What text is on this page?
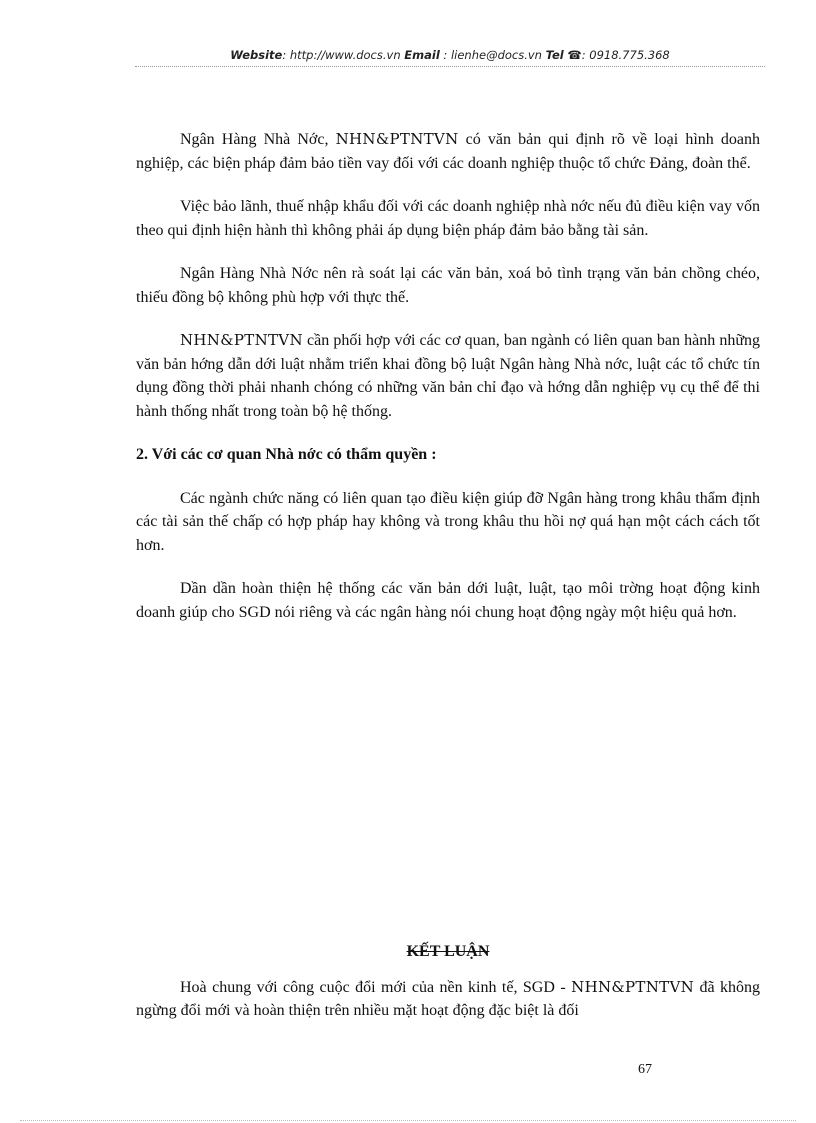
Website: http://www.docs.vn Email : lienhe@docs.vn Tel ☎: 0918.775.368

Ngân Hàng Nhà Nớc, NHN&PTNTVN có văn bản qui định rõ về loại hình doanh nghiệp, các biện pháp đảm bảo tiền vay đối với các doanh nghiệp thuộc tổ chức Đảng, đoàn thể.

Việc bảo lãnh, thuế nhập khẩu đối với các doanh nghiệp nhà nớc nếu đủ điều kiện vay vốn theo qui định hiện hành thì không phải áp dụng biện pháp đảm bảo bằng tài sản.

Ngân Hàng Nhà Nớc nên rà soát lại các văn bản, xoá bỏ tình trạng văn bản chồng chéo, thiếu đồng bộ không phù hợp với thực thế.

NHN&PTNTVN cần phối hợp với các cơ quan, ban ngành có liên quan ban hành những văn bản hớng dẫn dới luật nhằm triển khai đồng bộ luật Ngân hàng Nhà nớc, luật các tổ chức tín dụng đồng thời phải nhanh chóng có những văn bản chỉ đạo và hớng dẫn nghiệp vụ cụ thể để thi hành thống nhất trong toàn bộ hệ thống.

2. Với các cơ quan Nhà nớc có thẩm quyền :

Các ngành chức năng có liên quan tạo điều kiện giúp đỡ Ngân hàng trong khâu thẩm định các tài sản thế chấp có hợp pháp hay không và trong khâu thu hồi nợ quá hạn một cách cách tốt hơn.

Dần dần hoàn thiện hệ thống các văn bản dới luật, luật, tạo môi trờng hoạt động kinh doanh giúp cho SGD nói riêng và các ngân hàng nói chung hoạt động ngày một hiệu quả hơn.

KẾT LUẬN

Hoà chung với công cuộc đổi mới của nền kinh tế, SGD - NHN&PTNTVN đã không ngừng đổi mới và hoàn thiện trên nhiều mặt hoạt động đặc biệt là đối

67
